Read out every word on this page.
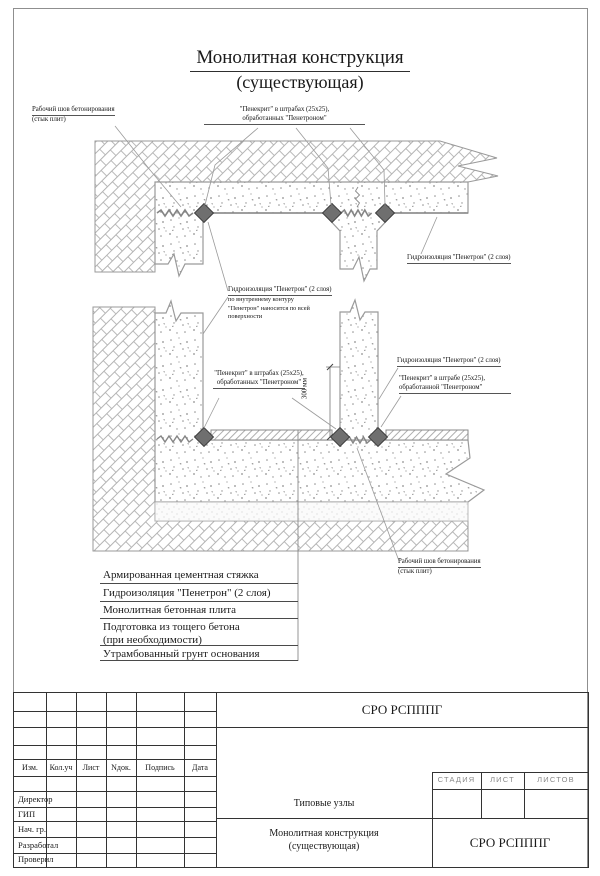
Монолитная конструкция
(существующая)
Рабочий шов бетонирования
(стык плит)
"Пенекрит" в штрабах (25х25),
обработанных "Пенетроном"
Гидроизоляция "Пенетрон" (2 слоя)
Гидроизоляция "Пенетрон" (2 слоя)
по внутреннему контуру
"Пенетрон" наносится по всей
поверхности
"Пенекрит" в штрабах (25х25),
обработанных "Пенетроном"
Гидроизоляция "Пенетрон" (2 слоя)
"Пенекрит" в штрабе (25х25),
обработанной "Пенетроном"
Рабочий шов бетонирования
(стык плит)
300 мм
Армированная цементная стяжка
Гидроизоляция "Пенетрон" (2 слоя)
Монолитная бетонная плита
Подготовка из тощего бетона
(при необходимости)
Утрамбованный грунт основания
Изм.	Кол.уч	Лист	Nдок.	Подпись	Дата
Директор
ГИП
Нач. гр.
Разработал
Проверил
СРО РСПППГ
СТАДИЯ	ЛИСТ	ЛИСТОВ
Типовые узлы
Монолитная конструкция
(существующая)	СРО РСПППГ
